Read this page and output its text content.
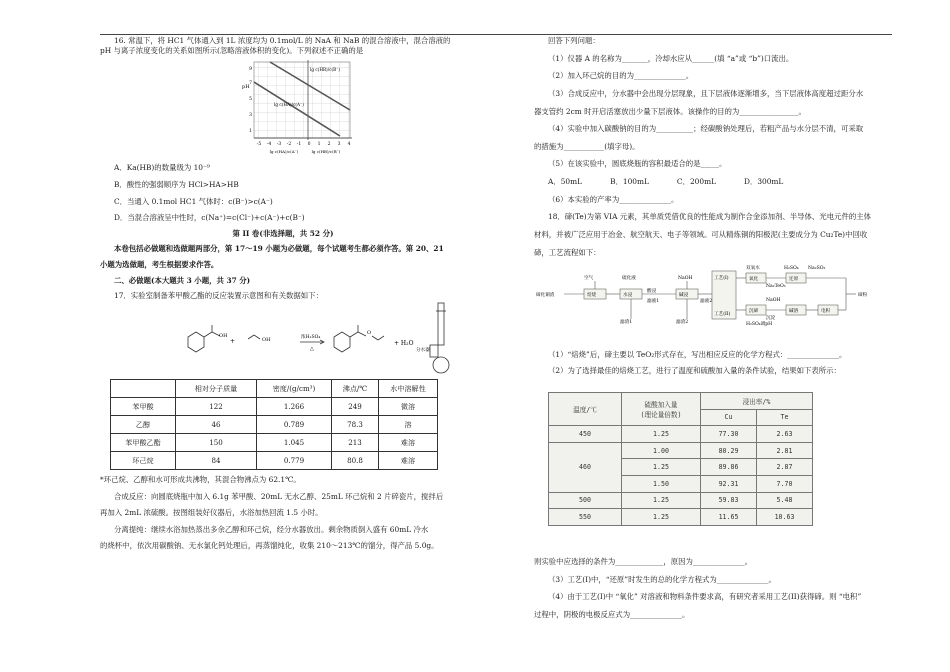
16. 常温下，将 HC1 气体通入到 1L 浓度均为 0.1mol/L 的 NaA 和 NaB 的混合溶液中，混合溶液的

pH 与离子浓度变化的关系如图所示(忽略溶液体积的变化)。下列叙述不正确的是

pH
lg c(HB)/c(B⁻)
lg c(HA)/c(A⁻)
9
7
5
3
1
-5 -4 -3 -2 -1 0 1 2 3 4
lg c(HA)/c(A⁻)	lg c(HB)/c(B⁻)

A．Ka(HB)的数量级为 10⁻⁹

B．酸性的强弱顺序为 HCl>HA>HB

C．当通入 0.1mol HC1 气体时：c(B⁻)>c(A⁻)

D．当混合溶液呈中性时，c(Na⁺)=c(Cl⁻)+c(A⁻)+c(B⁻)

第 II 卷(非选择题，共 52 分)

本卷包括必做题和选做题两部分，第 17～19 小题为必做题，每个试题考生都必须作答。第 20、21

小题为选做题，考生根据要求作答。

二、必做题(本大题共 3 小题，共 37 分)

17．实验室制备苯甲酸乙酯的反应装置示意图和有关数据如下：

OH
OH
+
浓H₂SO₄
△
O
+ H₂O
分水器
	相对分子质量	密度/(g/cm³)	沸点/℃	水中溶解性
苯甲酸	122	1.266	249	微溶
乙醇	46	0.789	78.3	溶
苯甲酸乙酯	150	1.045	213	难溶
环己烷	84	0.779	80.8	难溶

*环己烷、乙醇和水可形成共沸物，其混合物沸点为 62.1℃。

合成反应：向圆底烧瓶中加入 6.1g 苯甲酸、20mL 无水乙醇、25mL 环己烷和 2 片碎瓷片，搅拌后

再加入 2mL 浓硫酸。按图组装好仪器后，水浴加热回流 1.5 小时。

分离提纯：继续水浴加热蒸出多余乙醇和环己烷，经分水器放出。剩余物质倒入盛有 60mL 冷水

的烧杯中，依次用碳酸钠、无水氯化钙处理后，再蒸馏纯化，收集 210～213℃的馏分，得产品 5.0g。

回答下列问题：

（1）仪器 A 的名称为_______，冷却水应从______(填 “a”或 “b”)口流出。

（2）加入环己烷的目的为______________。

（3）合成反应中，分水器中会出现分层现象，且下层液体逐渐增多，当下层液体高度超过距分水

器支管约 2cm 时开启活塞放出少量下层液体。该操作的目的为________________。

（4）实验中加入碳酸钠的目的为__________；经碳酸钠处理后，若粗产品与水分层不清，可采取

的措施为___________(填字母)。

（5）在该实验中，圆底烧瓶的容积最适合的是_____。

A．50mL	B．100mL	C．200mL	D．300mL

（6）本实验的产率为______________。

18．碲(Te)为第 VIA 元素，其单质凭借优良的性能成为制作合金添加剂、半导体、光电元件的主体

材料，并被广泛应用于冶金、航空航天、电子等领域。可从精炼铜的阳极泥(主要成分为 Cu₂Te)中回收

碲，工艺流程如下：

碲化铜渣	焙烧	水浸
酸浸
滤液1
碱浸
滤液2
工艺(I)
工艺(II)
氧化	还原
沉碲	碱溶	电积
碲粉
滤渣1	滤渣2
空气	硫化液	NaOH
双氧水
Na₂TeO₃
H₂SO₄ Na₂SO₃
NaOH
H₂SO₄调pH
沉淀

（1）“焙烧”后，碲主要以 TeO₂形式存在，写出相应反应的化学方程式：______________。

（2）为了选择最佳的焙烧工艺，进行了温度和硫酸加入量的条件试验，结果如下表所示：

温度/℃	硫酸加入量
(理论量倍数)	浸出率/%	
		Cu	Te
450	1.25	77.30	2.63
460	1.00	80.29	2.81
	1.25	89.86	2.87
	1.50	92.31	7.70
500	1.25	59.83	5.48
550	1.25	11.65	10.63

则实验中应选择的条件为_____________，原因为______________。

（3）工艺(I)中，“还原”时发生的总的化学方程式为______________。

（4）由于工艺(I)中 “氧化” 对溶液和物料条件要求高，有研究者采用工艺(II)获得碲。则 “电积”

过程中，阴极的电极反应式为______________。
